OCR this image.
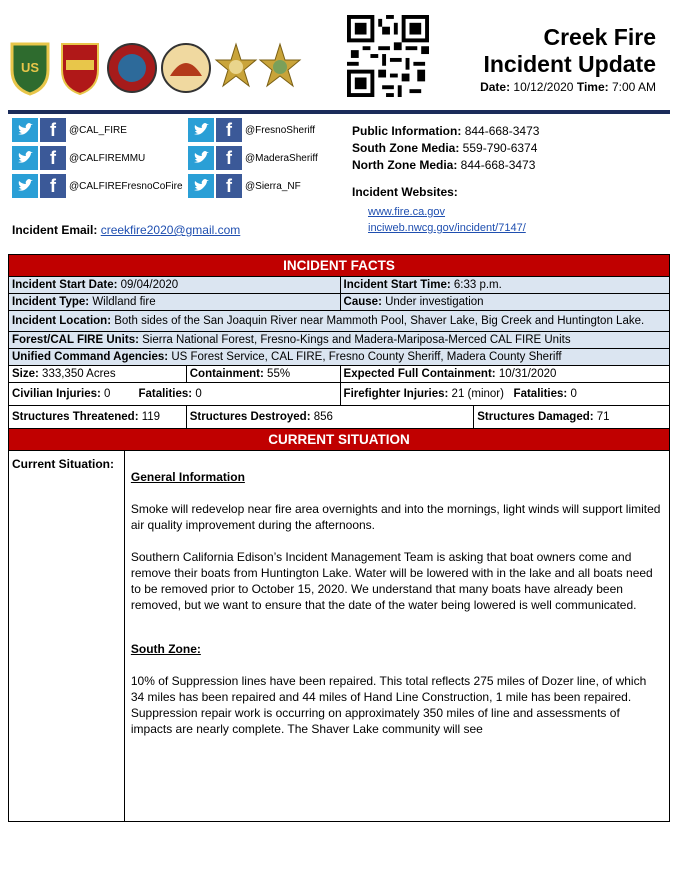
US
Creek Fire
Incident Update
Date: 10/12/2020 Time: 7:00 AM
f	@CAL_FIRE
f	@CALFIREMMU
f	@CALFIREFresnoCoFire
f	@FresnoSheriff
f	@MaderaSheriff
f	@Sierra_NF
Incident Email: creekfire2020@gmail.com
Public Information: 844-668-3473
South Zone Media: 559-790-6374
North Zone Media: 844-668-3473
Incident Websites:
www.fire.ca.gov
inciweb.nwcg.gov/incident/7147/
INCIDENT FACTS				
Incident Start Date: 09/04/2020			Incident Start Time: 6:33 p.m.	
Incident Type: Wildland fire			Cause: Under investigation	
Incident Location: Both sides of the San Joaquin River near Mammoth Pool, Shaver Lake, Big Creek and Huntington Lake.				
Forest/CAL FIRE Units: Sierra National Forest, Fresno-Kings and Madera-Mariposa-Merced CAL FIRE Units				
Unified Command Agencies: US Forest Service, CAL FIRE, Fresno County Sheriff, Madera County Sheriff				
Size: 333,350 Acres		Containment: 55%	Expected Full Containment: 10/31/2020	
Civilian Injuries: 0 Fatalities: 0			Firefighter Injuries: 21 (minor) Fatalities: 0	
Structures Threatened: 119		Structures Destroyed: 856		Structures Damaged: 71
CURRENT SITUATION				
Current Situation:	General Information

Smoke will redevelop near fire area overnights and into the mornings, light winds will support limited air quality improvement during the afternoons.

Southern California Edison’s Incident Management Team is asking that boat owners come and remove their boats from Huntington Lake. Water will be lowered with in the lake and all boats need to be removed prior to October 15, 2020. We understand that many boats have already been removed, but we want to ensure that the date of the water being lowered is well communicated.

South Zone:

10% of Suppression lines have been repaired. This total reflects 275 miles of Dozer line, of which 34 miles has been repaired and 44 miles of Hand Line Construction, 1 mile has been repaired. Suppression repair work is occurring on approximately 350 miles of line and assessments of impacts are nearly complete. The Shaver Lake community will see			
